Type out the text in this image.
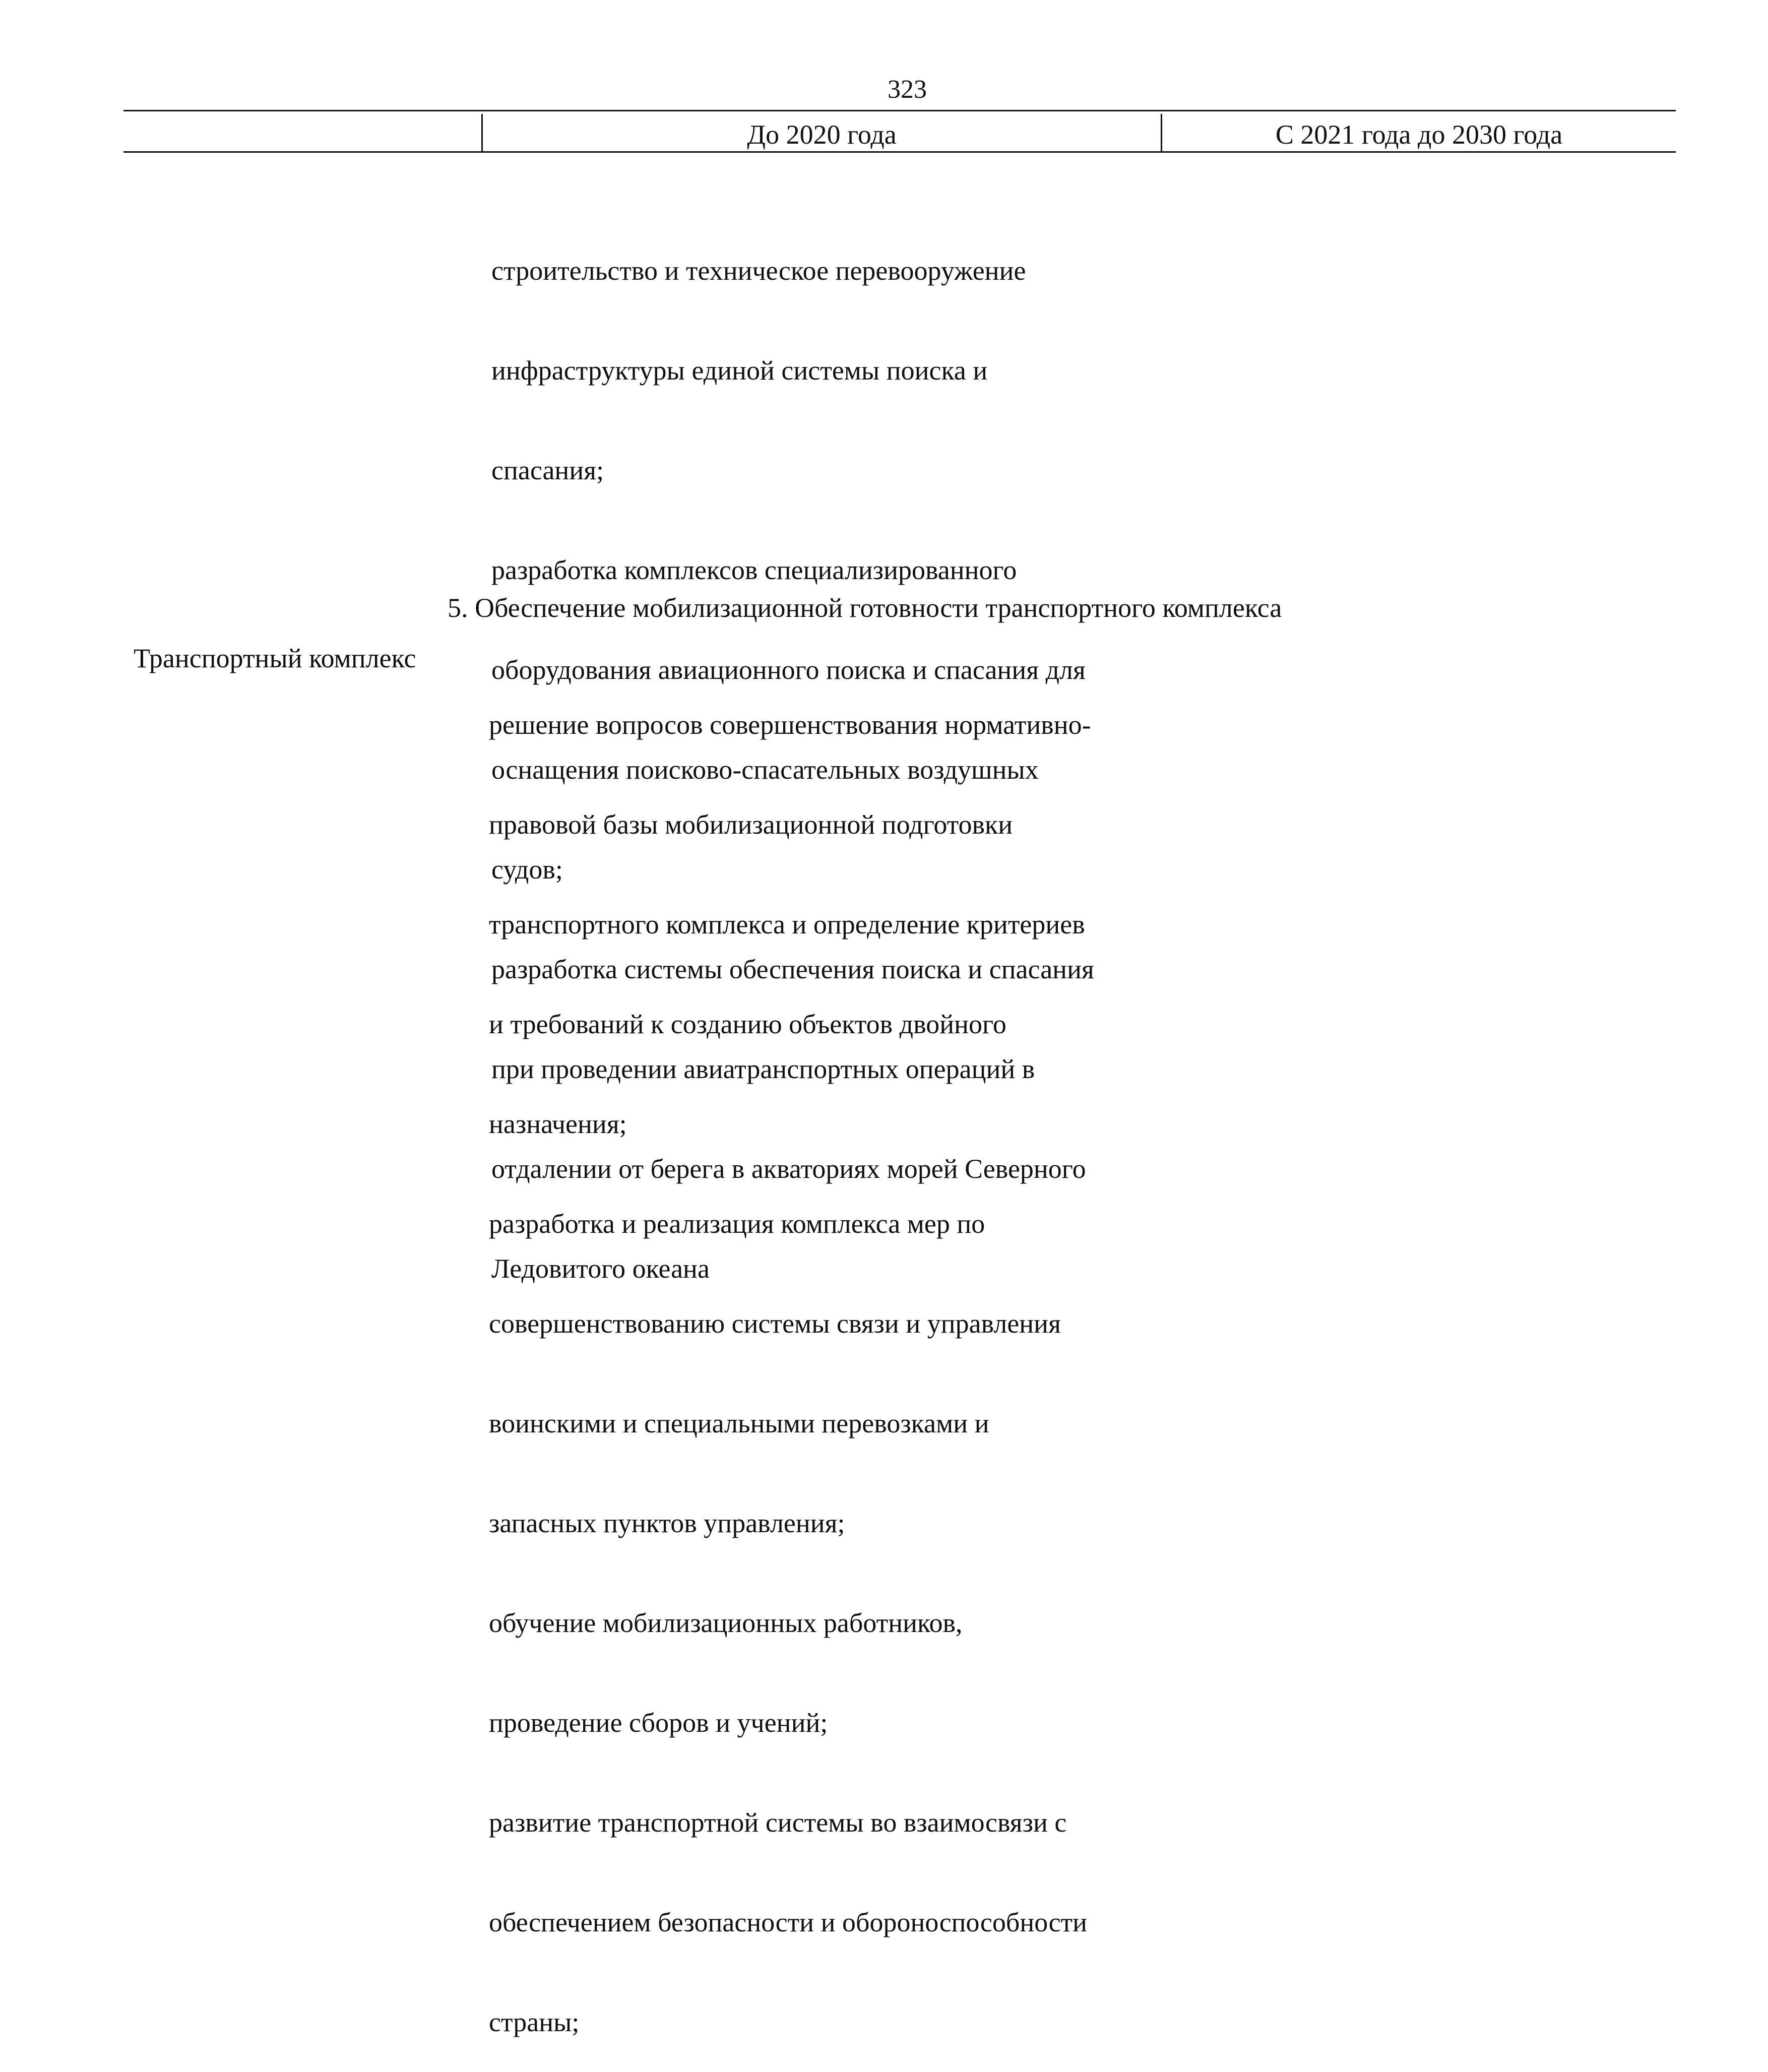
323
До 2020 года	С 2021 года до 2030 года

строительство и техническое перевооружение

инфраструктуры единой системы поиска и

спасания;

разработка комплексов специализированного

оборудования авиационного поиска и спасания для

оснащения поисково-спасательных воздушных

судов;

разработка системы обеспечения поиска и спасания

при проведении авиатранспортных операций в

отдалении от берега в акваториях морей Северного

Ледовитого океана

5. Обеспечение мобилизационной готовности транспортного комплекса
Транспортный комплекс

решение вопросов совершенствования нормативно-

правовой базы мобилизационной подготовки

транспортного комплекса и определение критериев

и требований к созданию объектов двойного

назначения;

разработка и реализация комплекса мер по

совершенствованию системы связи и управления

воинскими и специальными перевозками и

запасных пунктов управления;

обучение мобилизационных работников,

проведение сборов и учений;

развитие транспортной системы во взаимосвязи с

обеспечением безопасности и обороноспособности

страны;
